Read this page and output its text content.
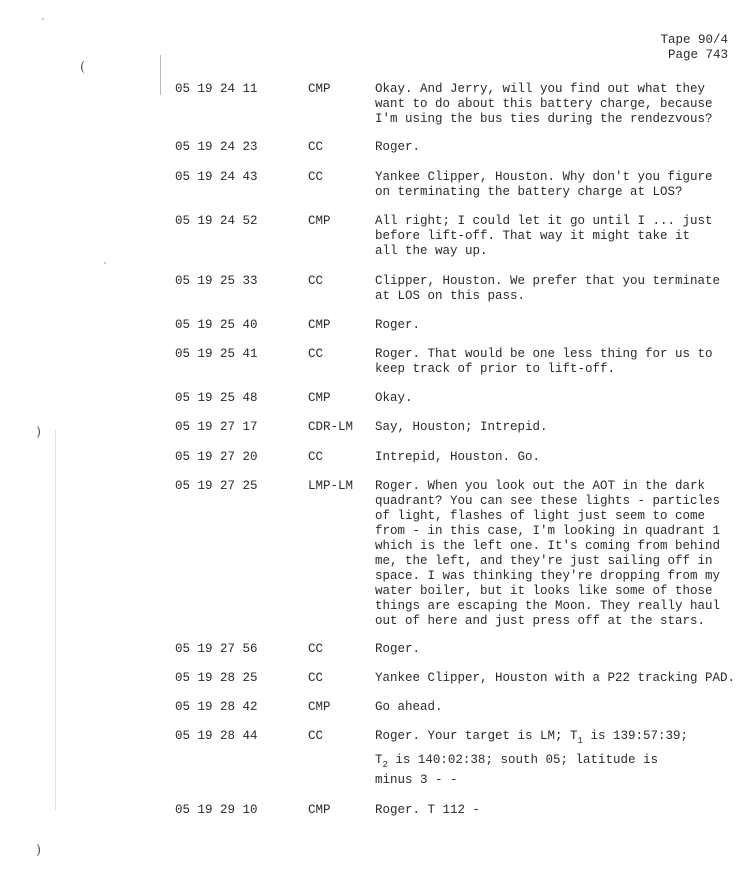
(
)
)
Tape 90/4
Page 743
05 19 24 11	CMP	Okay. And Jerry, will you find out what they
want to do about this battery charge, because
I'm using the bus ties during the rendezvous?
05 19 24 23	CC	Roger.
05 19 24 43	CC	Yankee Clipper, Houston. Why don't you figure
on terminating the battery charge at LOS?
05 19 24 52	CMP	All right; I could let it go until I ... just
before lift-off. That way it might take it
all the way up.
05 19 25 33	CC	Clipper, Houston. We prefer that you terminate
at LOS on this pass.
05 19 25 40	CMP	Roger.
05 19 25 41	CC	Roger. That would be one less thing for us to
keep track of prior to lift-off.
05 19 25 48	CMP	Okay.
05 19 27 17	CDR-LM Say, Houston; Intrepid.
05 19 27 20	CC	Intrepid, Houston. Go.
05 19 27 25	LMP-LM Roger. When you look out the AOT in the dark
quadrant? You can see these lights - particles
of light, flashes of light just seem to come
from - in this case, I'm looking in quadrant 1
which is the left one. It's coming from behind
me, the left, and they're just sailing off in
space. I was thinking they're dropping from my
water boiler, but it looks like some of those
things are escaping the Moon. They really haul
out of here and just press off at the stars.
05 19 27 56	CC	Roger.
05 19 28 25	CC	Yankee Clipper, Houston with a P22 tracking PAD.
05 19 28 42	CMP	Go ahead.
05 19 28 44	CC	Roger. Your target is LM; $T_1$ is 139:57:39;
$T_2$ is 140:02:38; south 05; latitude is
minus 3 - -
05 19 29 10	CMP	Roger. T 112 -
